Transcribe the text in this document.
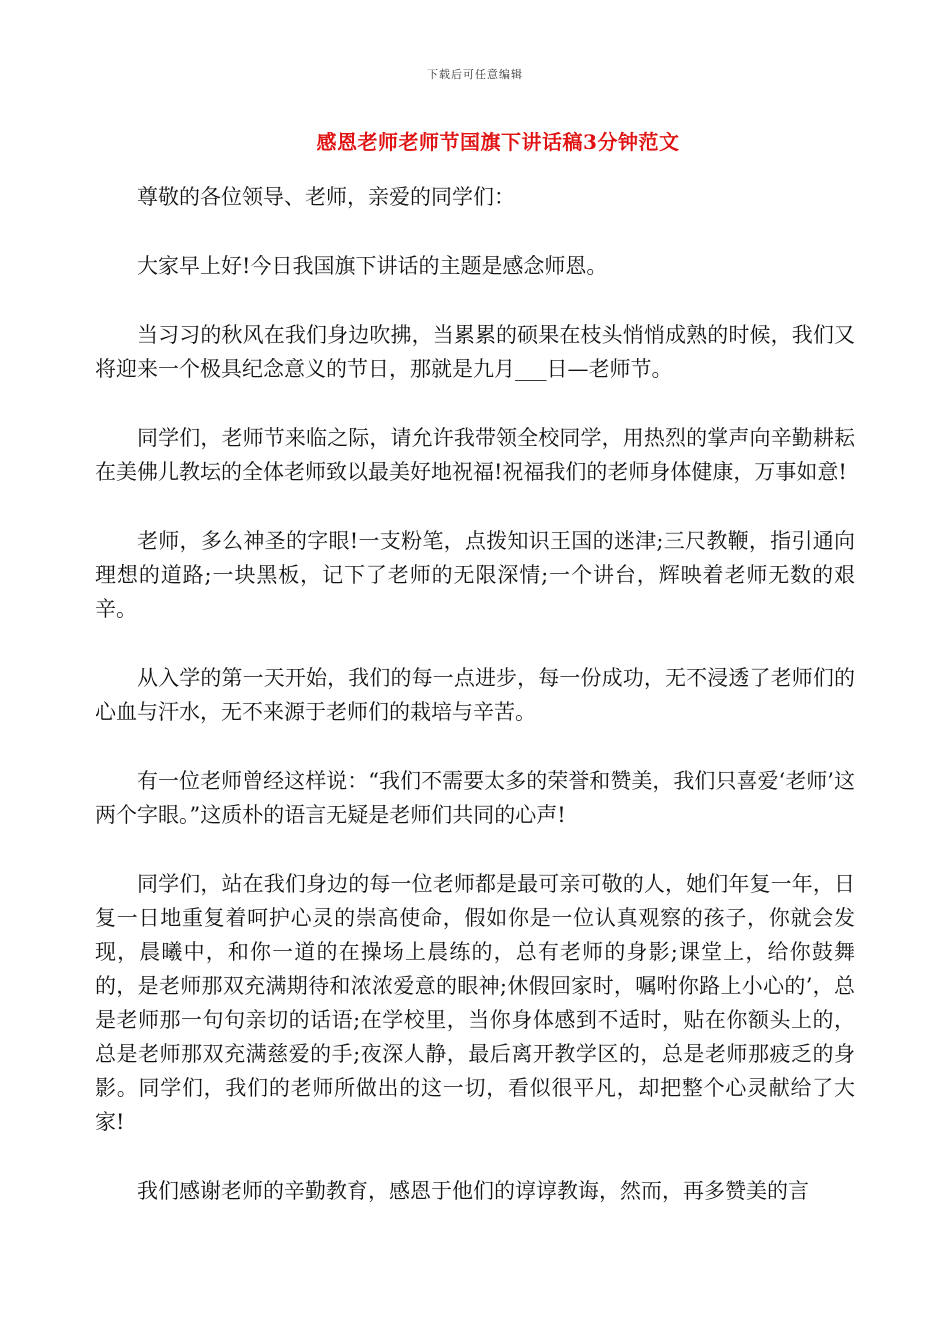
下载后可任意编辑
感恩老师老师节国旗下讲话稿3分钟范文

尊敬的各位领导、老师，亲爱的同学们：

大家早上好!今日我国旗下讲话的主题是感念师恩。

当习习的秋风在我们身边吹拂，当累累的硕果在枝头悄悄成熟的时候，我们又将迎来一个极具纪念意义的节日，那就是九月___日—老师节。

同学们，老师节来临之际，请允许我带领全校同学，用热烈的掌声向辛勤耕耘在美佛儿教坛的全体老师致以最美好地祝福!祝福我们的老师身体健康，万事如意!

老师，多么神圣的字眼!一支粉笔，点拨知识王国的迷津;三尺教鞭，指引通向理想的道路;一块黑板，记下了老师的无限深情;一个讲台，辉映着老师无数的艰辛。

从入学的第一天开始，我们的每一点进步，每一份成功，无不浸透了老师们的心血与汗水，无不来源于老师们的栽培与辛苦。

有一位老师曾经这样说：“我们不需要太多的荣誉和赞美，我们只喜爱‘老师’这两个字眼。”这质朴的语言无疑是老师们共同的心声!

同学们，站在我们身边的每一位老师都是最可亲可敬的人，她们年复一年，日复一日地重复着呵护心灵的崇高使命，假如你是一位认真观察的孩子，你就会发现，晨曦中，和你一道的在操场上晨练的，总有老师的身影;课堂上，给你鼓舞的，是老师那双充满期待和浓浓爱意的眼神;休假回家时，嘱咐你路上小心的’，总是老师那一句句亲切的话语;在学校里，当你身体感到不适时，贴在你额头上的，总是老师那双充满慈爱的手;夜深人静，最后离开教学区的，总是老师那疲乏的身影。同学们，我们的老师所做出的这一切，看似很平凡，却把整个心灵献给了大家!

我们感谢老师的辛勤教育，感恩于他们的谆谆教诲，然而，再多赞美的言
